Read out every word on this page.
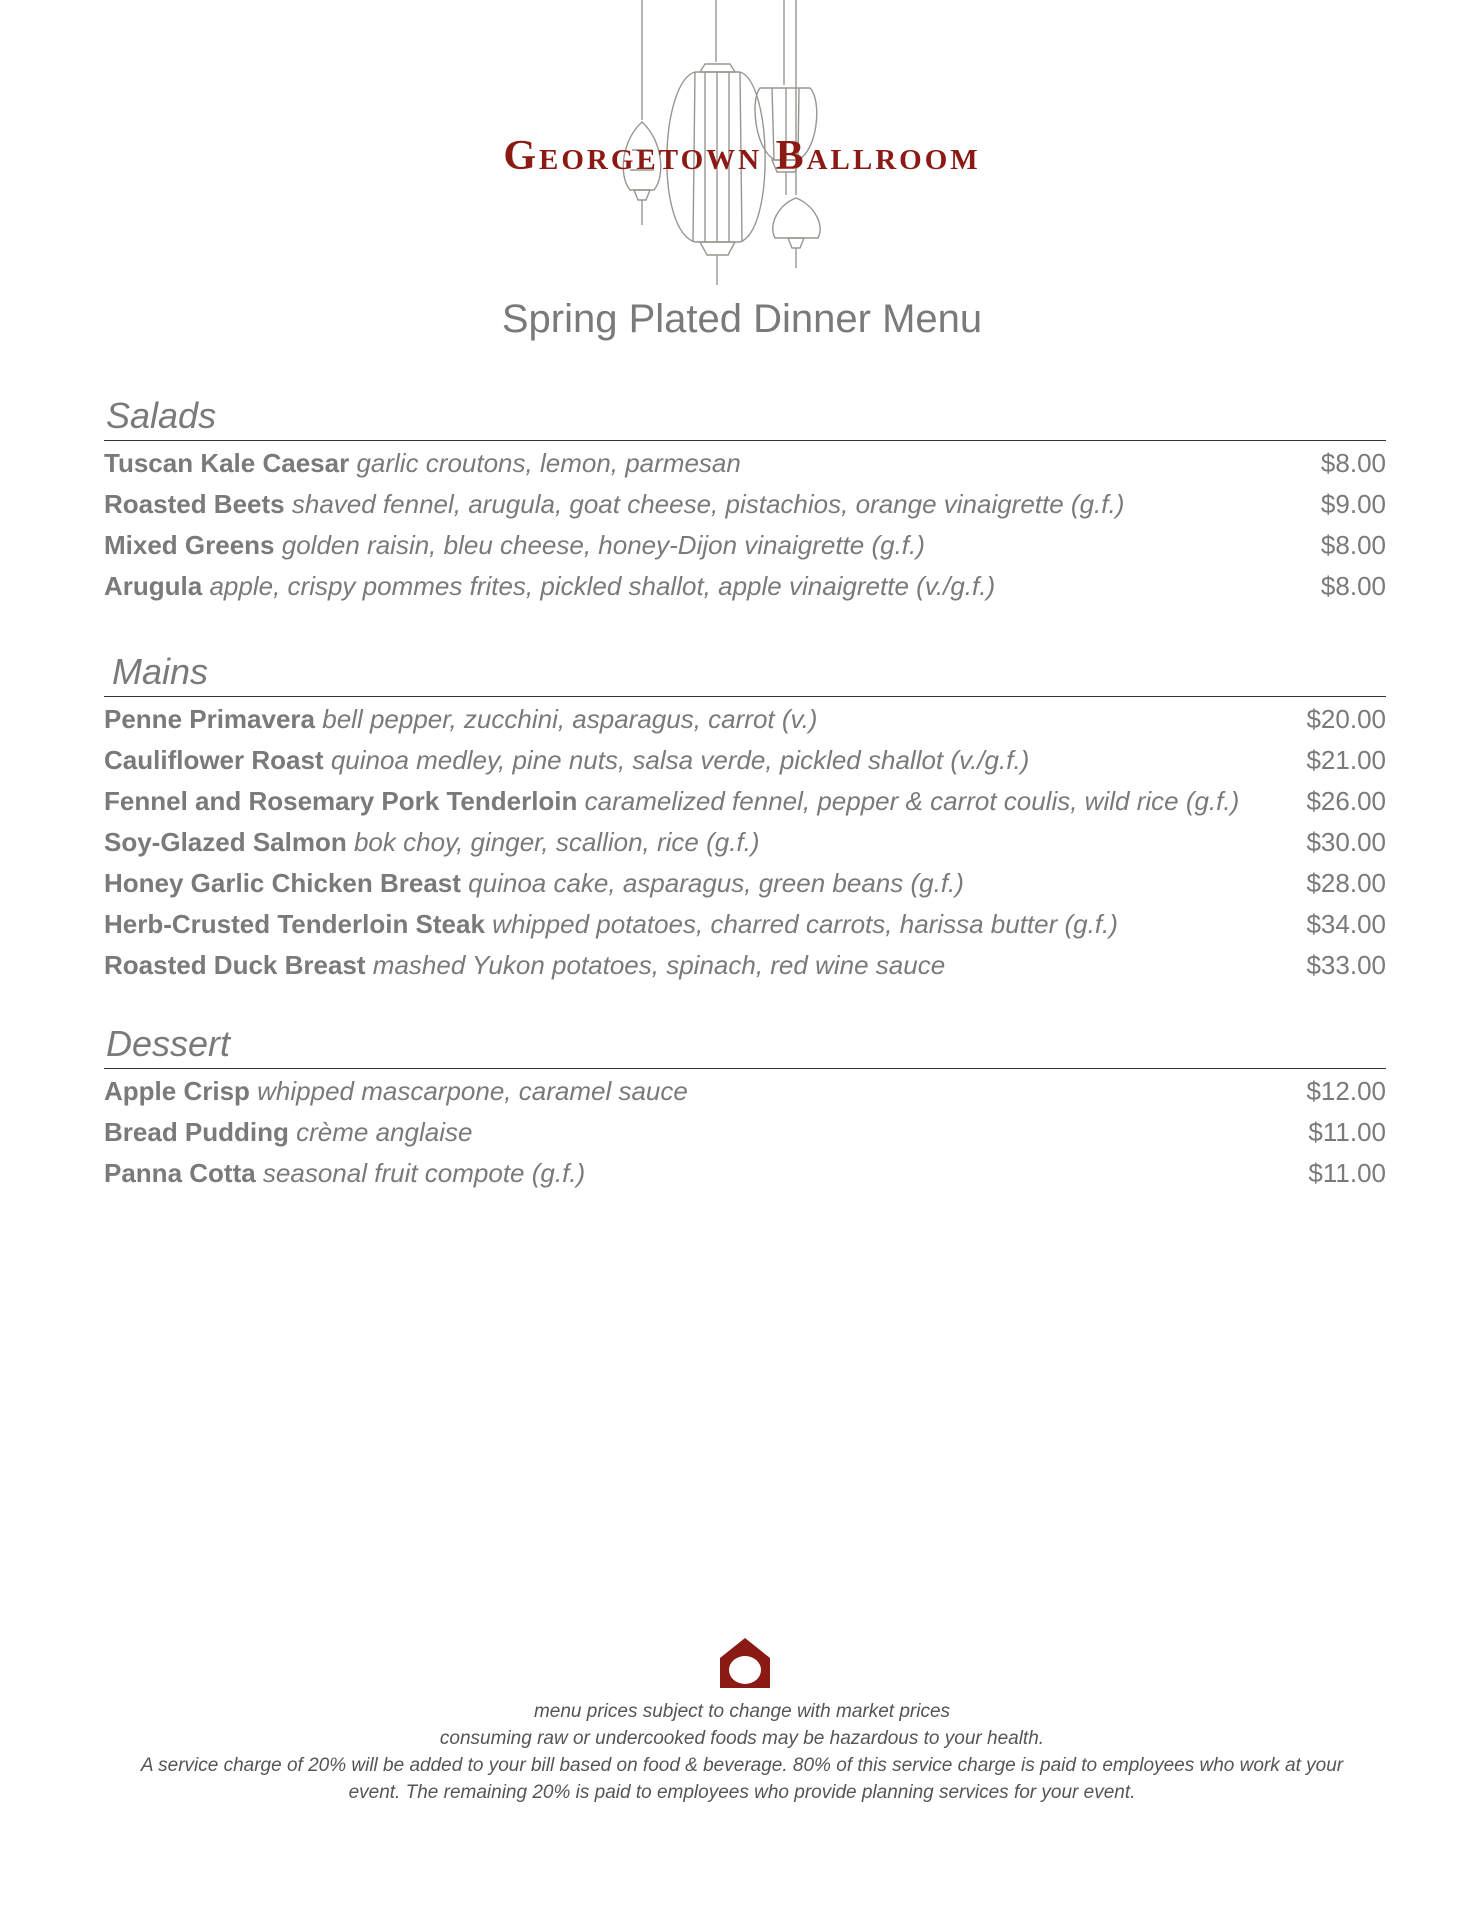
Georgetown Ballroom
Spring Plated Dinner Menu
Salads
Tuscan Kale Caesar garlic croutons, lemon, parmesan	$8.00
Roasted Beets shaved fennel, arugula, goat cheese, pistachios, orange vinaigrette (g.f.)	$9.00
Mixed Greens golden raisin, bleu cheese, honey-Dijon vinaigrette (g.f.)	$8.00
Arugula apple, crispy pommes frites, pickled shallot, apple vinaigrette (v./g.f.)	$8.00
Mains
Penne Primavera bell pepper, zucchini, asparagus, carrot (v.)	$20.00
Cauliflower Roast quinoa medley, pine nuts, salsa verde, pickled shallot (v./g.f.)	$21.00
Fennel and Rosemary Pork Tenderloin caramelized fennel, pepper & carrot coulis, wild rice (g.f.)	$26.00
Soy-Glazed Salmon bok choy, ginger, scallion, rice (g.f.)	$30.00
Honey Garlic Chicken Breast quinoa cake, asparagus, green beans (g.f.)	$28.00
Herb-Crusted Tenderloin Steak whipped potatoes, charred carrots, harissa butter (g.f.)	$34.00
Roasted Duck Breast mashed Yukon potatoes, spinach, red wine sauce	$33.00
Dessert
Apple Crisp whipped mascarpone, caramel sauce	$12.00
Bread Pudding crème anglaise	$11.00
Panna Cotta seasonal fruit compote (g.f.)	$11.00
menu prices subject to change with market prices
consuming raw or undercooked foods may be hazardous to your health.
A service charge of 20% will be added to your bill based on food & beverage. 80% of this service charge is paid to employees who work at your
event. The remaining 20% is paid to employees who provide planning services for your event.
